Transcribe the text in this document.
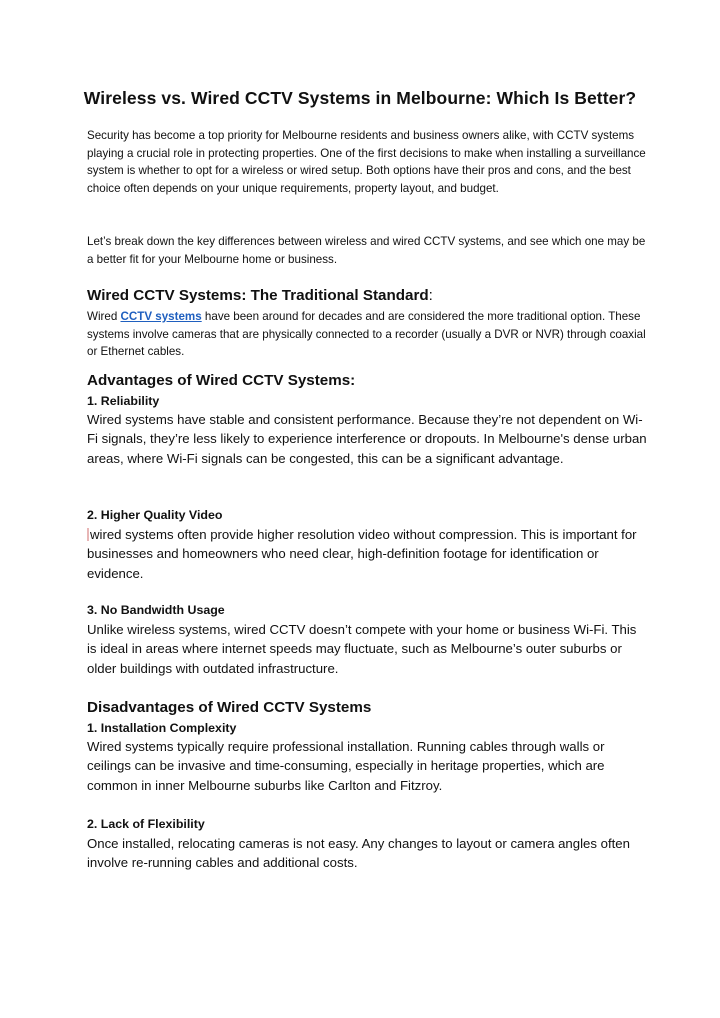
Wireless vs. Wired CCTV Systems in Melbourne: Which Is Better?
Security has become a top priority for Melbourne residents and business owners alike, with CCTV systems playing a crucial role in protecting properties. One of the first decisions to make when installing a surveillance system is whether to opt for a wireless or wired setup. Both options have their pros and cons, and the best choice often depends on your unique requirements, property layout, and budget.
Let’s break down the key differences between wireless and wired CCTV systems, and see which one may be a better fit for your Melbourne home or business.
Wired CCTV Systems: The Traditional Standard:
Wired CCTV systems have been around for decades and are considered the more traditional option. These systems involve cameras that are physically connected to a recorder (usually a DVR or NVR) through coaxial or Ethernet cables.
Advantages of Wired CCTV Systems:
1. Reliability
Wired systems have stable and consistent performance. Because they’re not dependent on Wi-Fi signals, they’re less likely to experience interference or dropouts. In Melbourne's dense urban areas, where Wi-Fi signals can be congested, this can be a significant advantage.
2. Higher Quality Video
wired systems often provide higher resolution video without compression. This is important for businesses and homeowners who need clear, high-definition footage for identification or evidence.
3. No Bandwidth Usage
Unlike wireless systems, wired CCTV doesn’t compete with your home or business Wi-Fi. This is ideal in areas where internet speeds may fluctuate, such as Melbourne’s outer suburbs or older buildings with outdated infrastructure.
Disadvantages of Wired CCTV Systems
1. Installation Complexity
Wired systems typically require professional installation. Running cables through walls or ceilings can be invasive and time-consuming, especially in heritage properties, which are common in inner Melbourne suburbs like Carlton and Fitzroy.
2. Lack of Flexibility
Once installed, relocating cameras is not easy. Any changes to layout or camera angles often involve re-running cables and additional costs.
